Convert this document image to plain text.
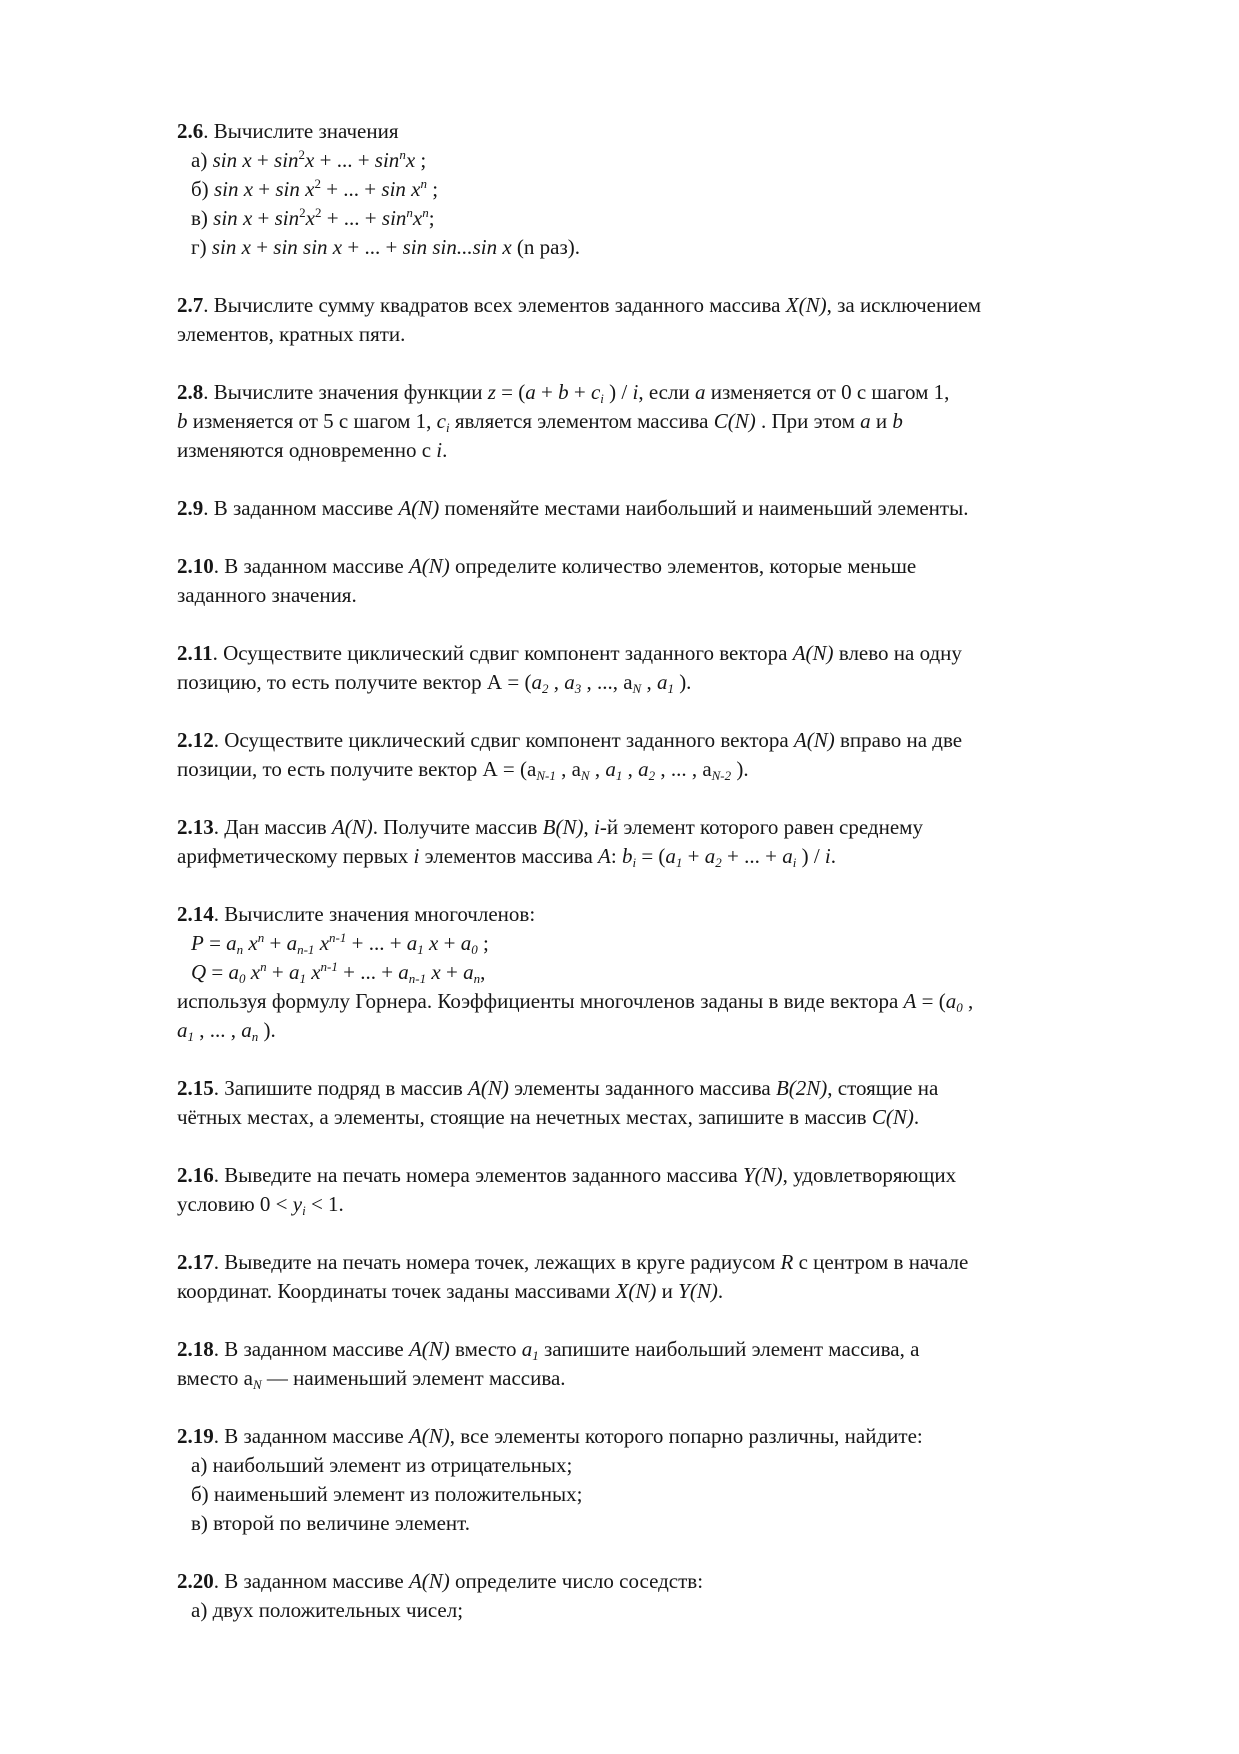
2.6. Вычислите значения
а) $\sin x + \sin^2x$ + ... + $\sin^nx$ ;
б) $\sin x + \sin x^2$ + ... + $\sin x^n$ ;
в) $\sin x + \sin^2x^2$ + ... + $\sin^nx^n$;
г) sin x + sin sin x + ... + sin sin...sin x (n раз).
2.7. Вычислите сумму квадратов всех элементов заданного массива X(N), за исключением
элементов, кратных пяти.
2.8. Вычислите значения функции $z = (a + b + c_i$ ) / i, если a изменяется от 0 с шагом 1,
b изменяется от 5 с шагом 1, $c_i$ является элементом массива C(N) . При этом a и b
изменяются одновременно с i.
2.9. В заданном массиве A(N) поменяйте местами наибольший и наименьший элементы.
2.10. В заданном массиве A(N) определите количество элементов, которые меньше
заданного значения.
2.11. Осуществите циклический сдвиг компонент заданного вектора A(N) влево на одну
позицию, то есть получите вектор $А = (a_2$ , $a_3$ , ..., $a_N$ , $a_1$ ).
2.12. Осуществите циклический сдвиг компонент заданного вектора A(N) вправо на две
позиции, то есть получите вектор $А = (a_{N-1}$ , $a_N$ , $a_1$ , $a_2$ , ... , $a_{N-2}$ ).
2.13. Дан массив A(N). Получите массив B(N), i-й элемент которого равен среднему
арифметическому первых i элементов массива A: $b_i = (a_1 + a_2$ + ... + $a_i$ ) / i.
2.14. Вычислите значения многочленов:
$P = a_n$ $x^n + a_{n-1}$ $x^{n-1}$ + ... + $a_1$ $x + a_0$ ;
$Q = a_0$ $x^n + a_1$ $x^{n-1}$ + ... + $a_{n-1}$ $x + a_n$,
используя формулу Горнера. Коэффициенты многочленов заданы в виде вектора $A = (a_0$ ,
$a_1$ , ... , $a_n$ ).
2.15. Запишите подряд в массив A(N) элементы заданного массива B(2N), стоящие на
чётных местах, а элементы, стоящие на нечетных местах, запишите в массив C(N).
2.16. Выведите на печать номера элементов заданного массива Y(N), удовлетворяющих
условию $0 < y_i < 1$.
2.17. Выведите на печать номера точек, лежащих в круге радиусом R с центром в начале
координат. Координаты точек заданы массивами X(N) и Y(N).
2.18. В заданном массиве A(N) вместо $a_1$ запишите наибольший элемент массива, а
вместо $a_N$ — наименьший элемент массива.
2.19. В заданном массиве A(N), все элементы которого попарно различны, найдите:
а) наибольший элемент из отрицательных;
б) наименьший элемент из положительных;
в) второй по величине элемент.
2.20. В заданном массиве A(N) определите число соседств:
а) двух положительных чисел;
